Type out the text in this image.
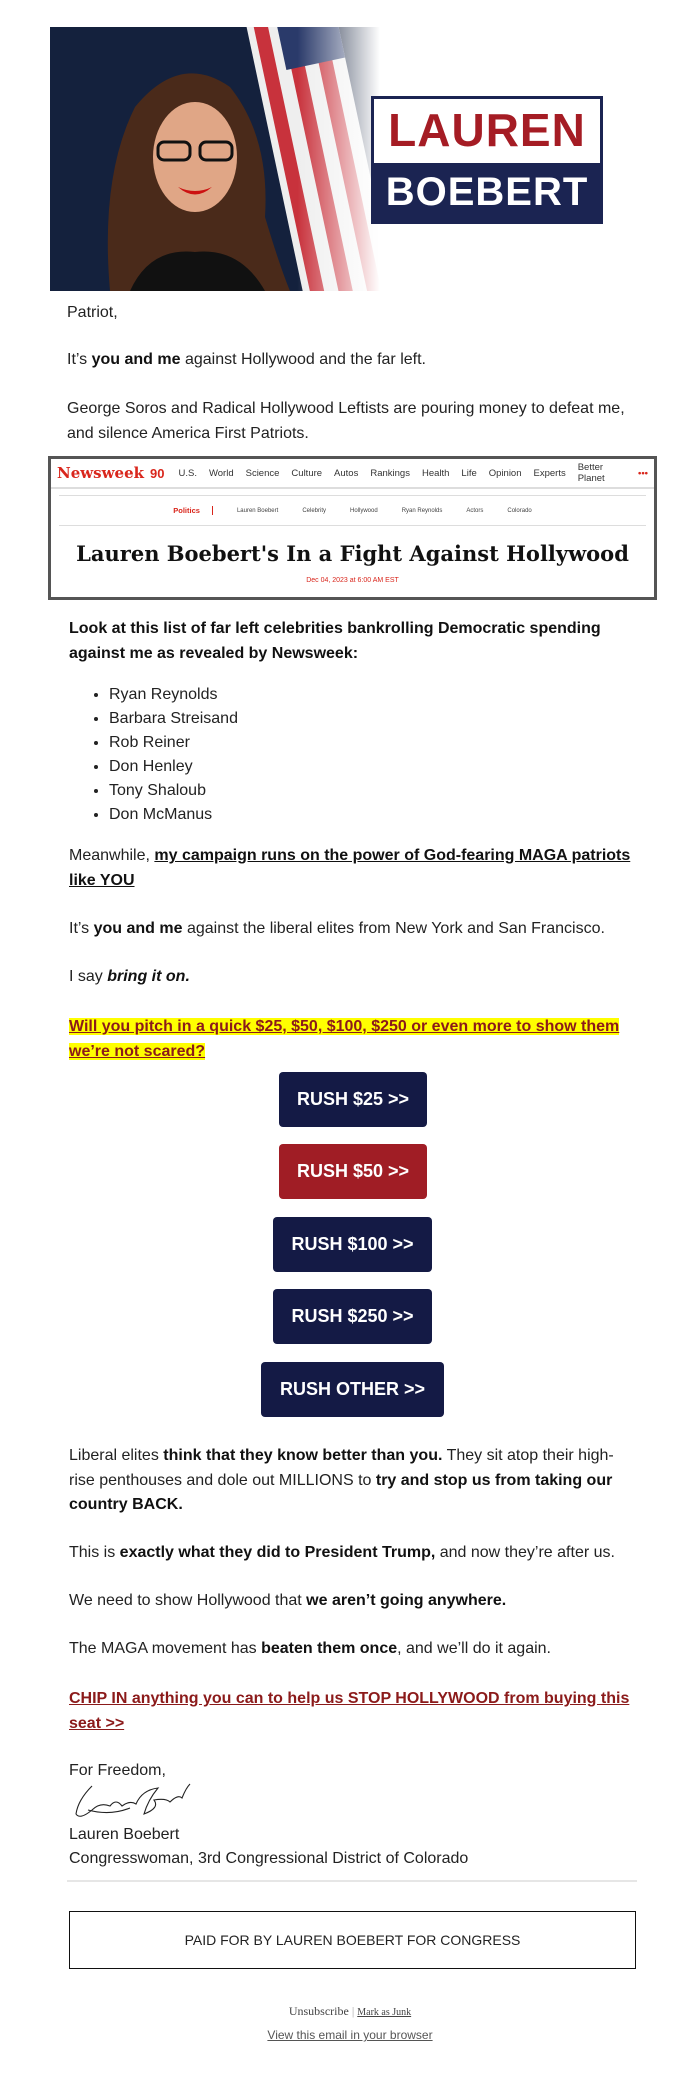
LAUREN
BOEBERT
Patriot,
It’s you and me against Hollywood and the far left.
George Soros and Radical Hollywood Leftists are pouring money to defeat me, and silence America First Patriots.
Newsweek 90 U.S. World Science Culture Autos Rankings Health Life Opinion Experts Better Planet	•••
Politics	Lauren Boebert	Celebrity	Hollywood	Ryan Reynolds	Actors	Colorado
Lauren Boebert's In a Fight Against Hollywood
Dec 04, 2023 at 6:00 AM EST
Look at this list of far left celebrities bankrolling Democratic spending against me as revealed by Newsweek:
• Ryan Reynolds
• Barbara Streisand
• Rob Reiner
• Don Henley
• Tony Shaloub
• Don McManus
Meanwhile, my campaign runs on the power of God-fearing MAGA patriots like YOU
It’s you and me against the liberal elites from New York and San Francisco.
I say bring it on.
Will you pitch in a quick $25, $50, $100, $250 or even more to show them we’re not scared?
RUSH $25 >>
RUSH $50 >>
RUSH $100 >>
RUSH $250 >>
RUSH OTHER >>
Liberal elites think that they know better than you. They sit atop their high-rise penthouses and dole out MILLIONS to try and stop us from taking our country BACK.
This is exactly what they did to President Trump, and now they’re after us.
We need to show Hollywood that we aren’t going anywhere.
The MAGA movement has beaten them once, and we’ll do it again.
CHIP IN anything you can to help us STOP HOLLYWOOD from buying this seat >>
For Freedom,
Lauren Boebert
Congresswoman, 3rd Congressional District of Colorado
PAID FOR BY LAUREN BOEBERT FOR CONGRESS
Unsubscribe | Mark as Junk
View this email in your browser
